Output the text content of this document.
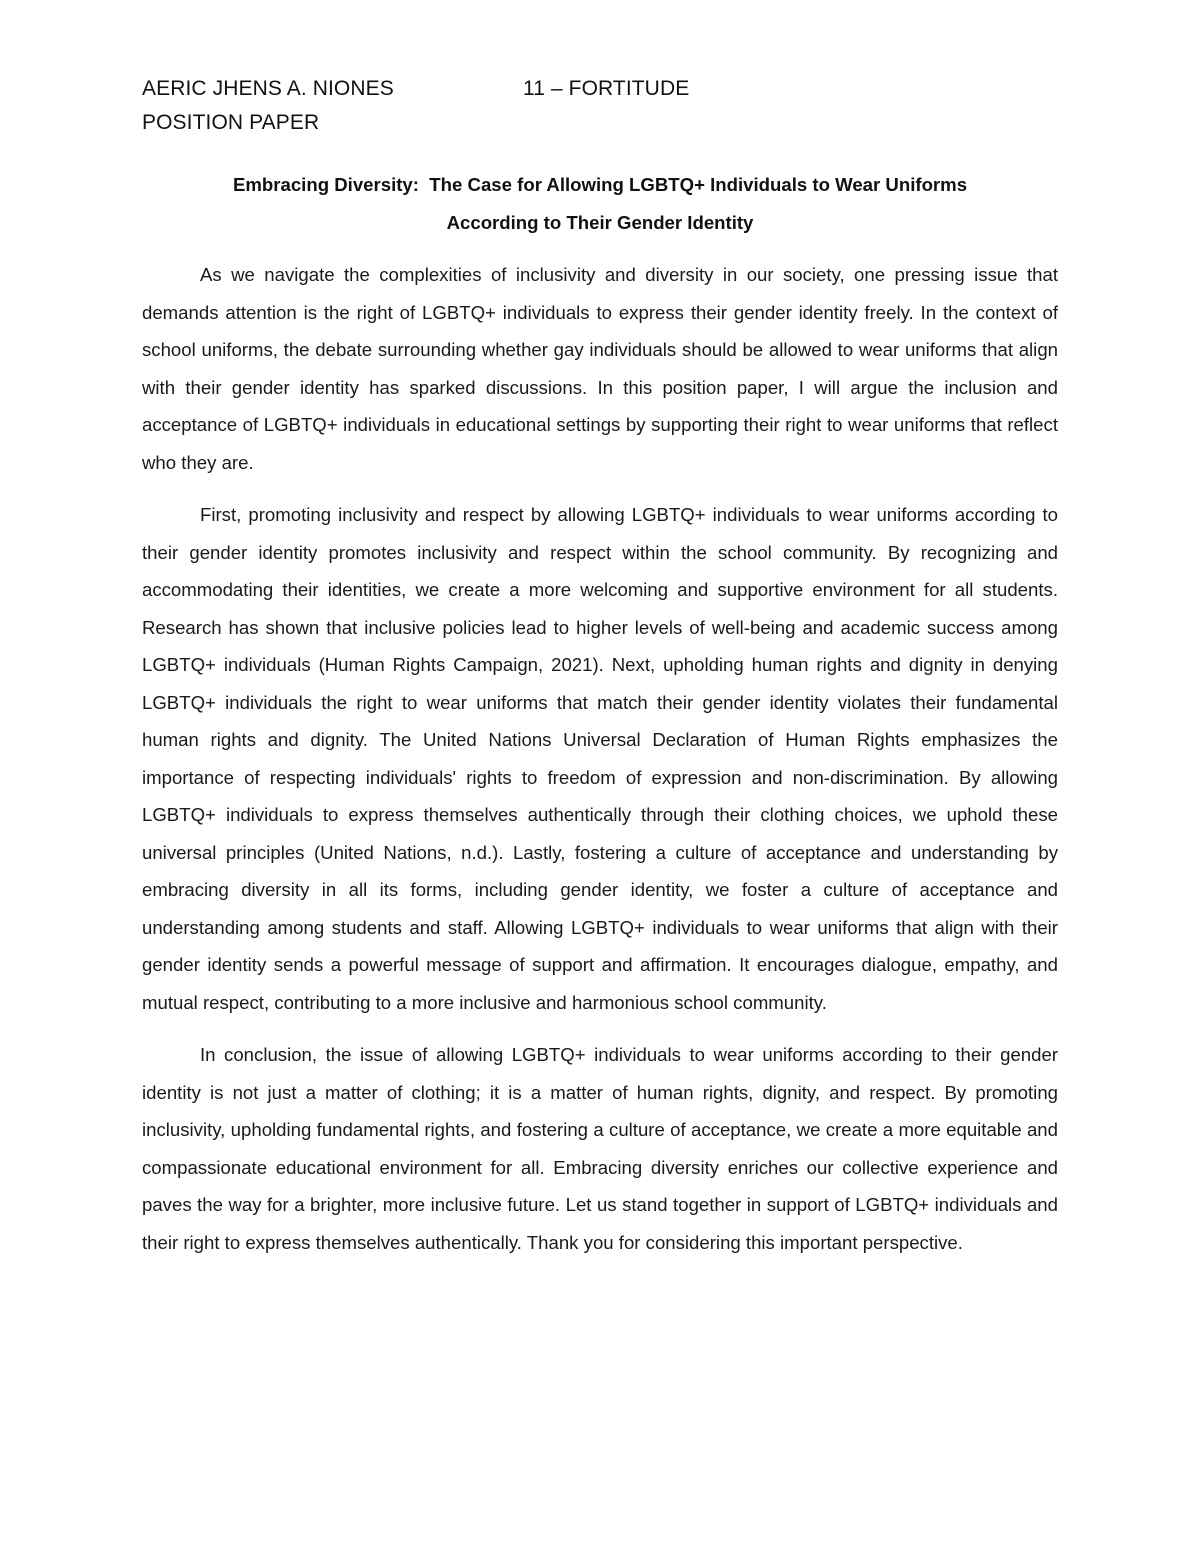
AERIC JHENS A. NIONES	11 – FORTITUDE
POSITION PAPER
Embracing Diversity:  The Case for Allowing LGBTQ+ Individuals to Wear Uniforms
According to Their Gender Identity

As we navigate the complexities of inclusivity and diversity in our society, one pressing issue that demands attention is the right of LGBTQ+ individuals to express their gender identity freely. In the context of school uniforms, the debate surrounding whether gay individuals should be allowed to wear uniforms that align with their gender identity has sparked discussions. In this position paper, I will argue the inclusion and acceptance of LGBTQ+ individuals in educational settings by supporting their right to wear uniforms that reflect who they are.

First, promoting inclusivity and respect by allowing LGBTQ+ individuals to wear uniforms according to their gender identity promotes inclusivity and respect within the school community. By recognizing and accommodating their identities, we create a more welcoming and supportive environment for all students. Research has shown that inclusive policies lead to higher levels of well-being and academic success among LGBTQ+ individuals (Human Rights Campaign, 2021). Next, upholding human rights and dignity in denying LGBTQ+ individuals the right to wear uniforms that match their gender identity violates their fundamental human rights and dignity. The United Nations Universal Declaration of Human Rights emphasizes the importance of respecting individuals' rights to freedom of expression and non-discrimination. By allowing LGBTQ+ individuals to express themselves authentically through their clothing choices, we uphold these universal principles (United Nations, n.d.). Lastly, fostering a culture of acceptance and understanding by embracing diversity in all its forms, including gender identity, we foster a culture of acceptance and understanding among students and staff. Allowing LGBTQ+ individuals to wear uniforms that align with their gender identity sends a powerful message of support and affirmation. It encourages dialogue, empathy, and mutual respect, contributing to a more inclusive and harmonious school community.

In conclusion, the issue of allowing LGBTQ+ individuals to wear uniforms according to their gender identity is not just a matter of clothing; it is a matter of human rights, dignity, and respect. By promoting inclusivity, upholding fundamental rights, and fostering a culture of acceptance, we create a more equitable and compassionate educational environment for all. Embracing diversity enriches our collective experience and paves the way for a brighter, more inclusive future. Let us stand together in support of LGBTQ+ individuals and their right to express themselves authentically. Thank you for considering this important perspective.
